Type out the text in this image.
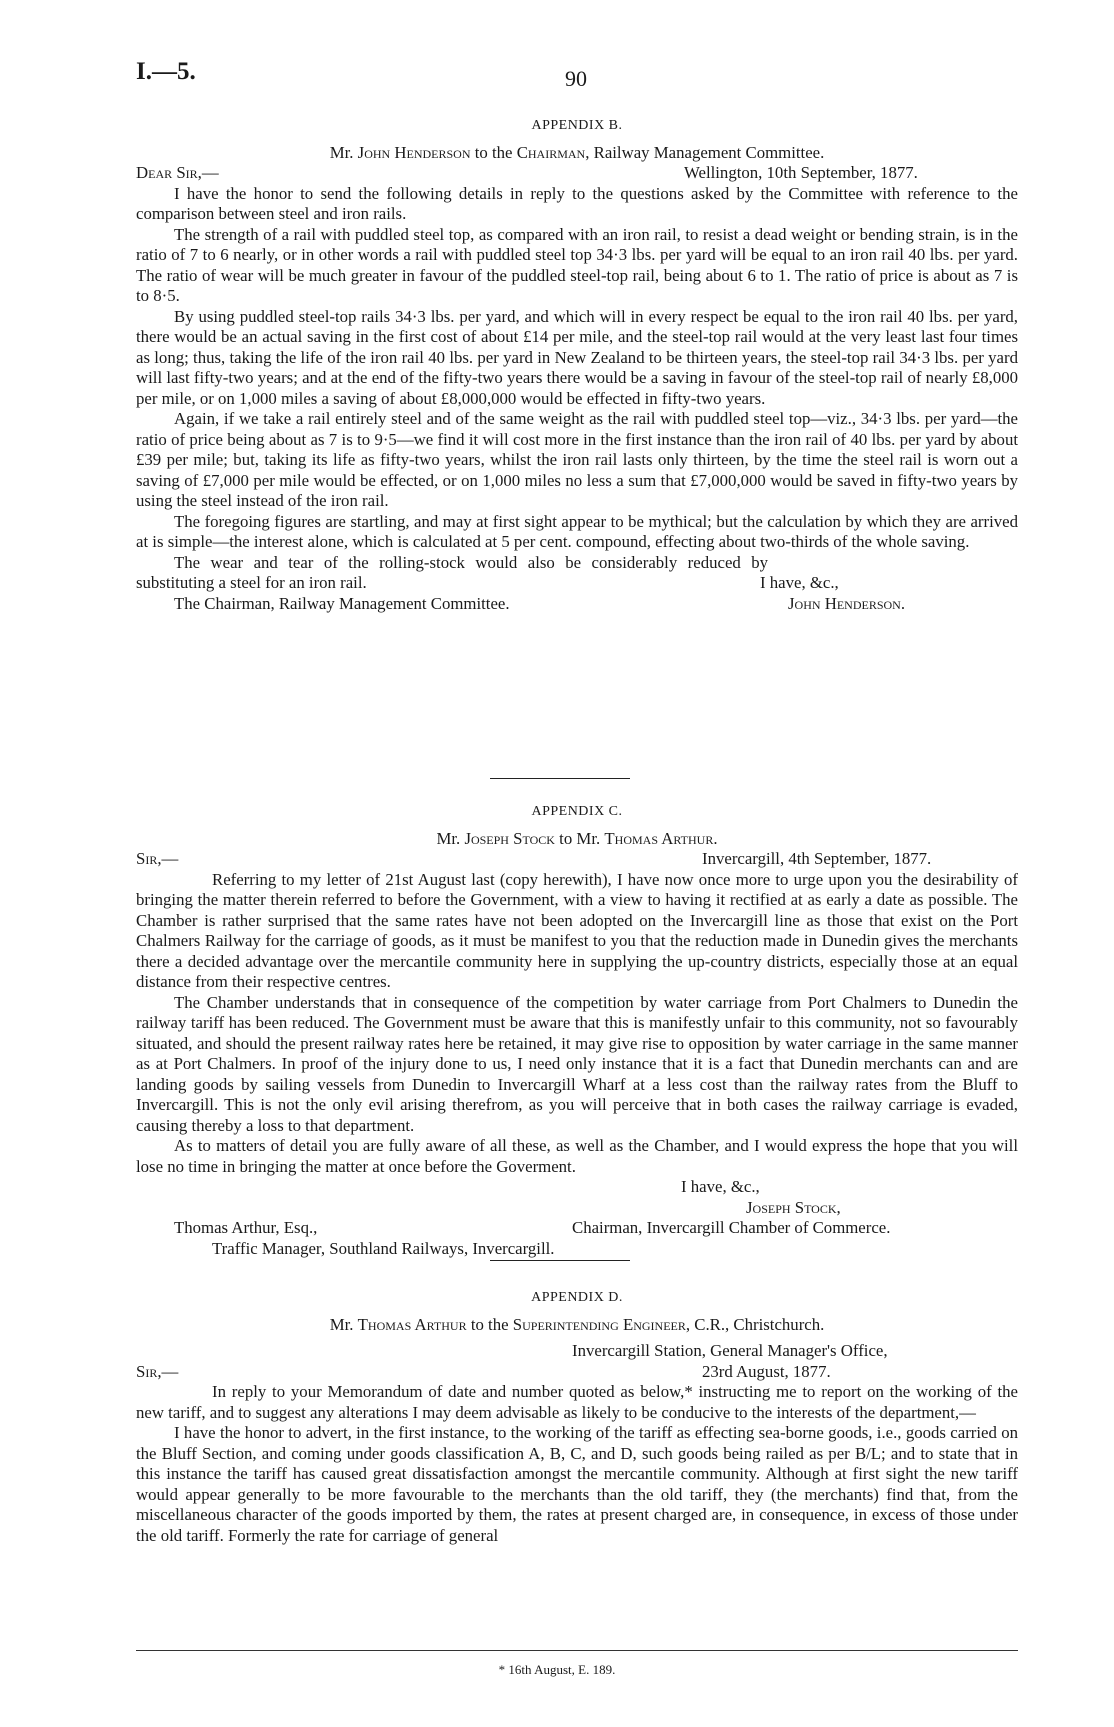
I.—5.	90
APPENDIX B.
Mr. John Henderson to the Chairman, Railway Management Committee.
Dear Sir,—	Wellington, 10th September, 1877.

I have the honor to send the following details in reply to the questions asked by the Committee with reference to the comparison between steel and iron rails.

The strength of a rail with puddled steel top, as compared with an iron rail, to resist a dead weight or bending strain, is in the ratio of 7 to 6 nearly, or in other words a rail with puddled steel top 34·3 lbs. per yard will be equal to an iron rail 40 lbs. per yard. The ratio of wear will be much greater in favour of the puddled steel-top rail, being about 6 to 1. The ratio of price is about as 7 is to 8·5.

By using puddled steel-top rails 34·3 lbs. per yard, and which will in every respect be equal to the iron rail 40 lbs. per yard, there would be an actual saving in the first cost of about £14 per mile, and the steel-top rail would at the very least last four times as long; thus, taking the life of the iron rail 40 lbs. per yard in New Zealand to be thirteen years, the steel-top rail 34·3 lbs. per yard will last fifty-two years; and at the end of the fifty-two years there would be a saving in favour of the steel-top rail of nearly £8,000 per mile, or on 1,000 miles a saving of about £8,000,000 would be effected in fifty-two years.

Again, if we take a rail entirely steel and of the same weight as the rail with puddled steel top—viz., 34·3 lbs. per yard—the ratio of price being about as 7 is to 9·5—we find it will cost more in the first instance than the iron rail of 40 lbs. per yard by about £39 per mile; but, taking its life as fifty-two years, whilst the iron rail lasts only thirteen, by the time the steel rail is worn out a saving of £7,000 per mile would be effected, or on 1,000 miles no less a sum that £7,000,000 would be saved in fifty-two years by using the steel instead of the iron rail.

The foregoing figures are startling, and may at first sight appear to be mythical; but the calculation by which they are arrived at is simple—the interest alone, which is calculated at 5 per cent. compound, effecting about two-thirds of the whole saving.

The wear and tear of the rolling-stock would also be considerably reduced by substituting a steel for an iron rail.	I have, &c.,
The Chairman, Railway Management Committee.	John Henderson.
APPENDIX C.
Mr. Joseph Stock to Mr. Thomas Arthur.
Sir,—	Invercargill, 4th September, 1877.

Referring to my letter of 21st August last (copy herewith), I have now once more to urge upon you the desirability of bringing the matter therein referred to before the Government, with a view to having it rectified at as early a date as possible. The Chamber is rather surprised that the same rates have not been adopted on the Invercargill line as those that exist on the Port Chalmers Railway for the carriage of goods, as it must be manifest to you that the reduction made in Dunedin gives the merchants there a decided advantage over the mercantile community here in supplying the up-country districts, especially those at an equal distance from their respective centres.

The Chamber understands that in consequence of the competition by water carriage from Port Chalmers to Dunedin the railway tariff has been reduced. The Government must be aware that this is manifestly unfair to this community, not so favourably situated, and should the present railway rates here be retained, it may give rise to opposition by water carriage in the same manner as at Port Chalmers. In proof of the injury done to us, I need only instance that it is a fact that Dunedin merchants can and are landing goods by sailing vessels from Dunedin to Invercargill Wharf at a less cost than the railway rates from the Bluff to Invercargill. This is not the only evil arising therefrom, as you will perceive that in both cases the railway carriage is evaded, causing thereby a loss to that department.

As to matters of detail you are fully aware of all these, as well as the Chamber, and I would express the hope that you will lose no time in bringing the matter at once before the Goverment.

I have, &c.,
Joseph Stock,
Thomas Arthur, Esq.,	Chairman, Invercargill Chamber of Commerce.
Traffic Manager, Southland Railways, Invercargill.
APPENDIX D.
Mr. Thomas Arthur to the Superintending Engineer, C.R., Christchurch.
Invercargill Station, General Manager's Office,
Sir,—	23rd August, 1877.

In reply to your Memorandum of date and number quoted as below,* instructing me to report on the working of the new tariff, and to suggest any alterations I may deem advisable as likely to be conducive to the interests of the department,—

I have the honor to advert, in the first instance, to the working of the tariff as effecting sea-borne goods, i.e., goods carried on the Bluff Section, and coming under goods classification A, B, C, and D, such goods being railed as per B/L; and to state that in this instance the tariff has caused great dissatisfaction amongst the mercantile community. Although at first sight the new tariff would appear generally to be more favourable to the merchants than the old tariff, they (the merchants) find that, from the miscellaneous character of the goods imported by them, the rates at present charged are, in consequence, in excess of those under the old tariff. Formerly the rate for carriage of general

* 16th August, E. 189.
